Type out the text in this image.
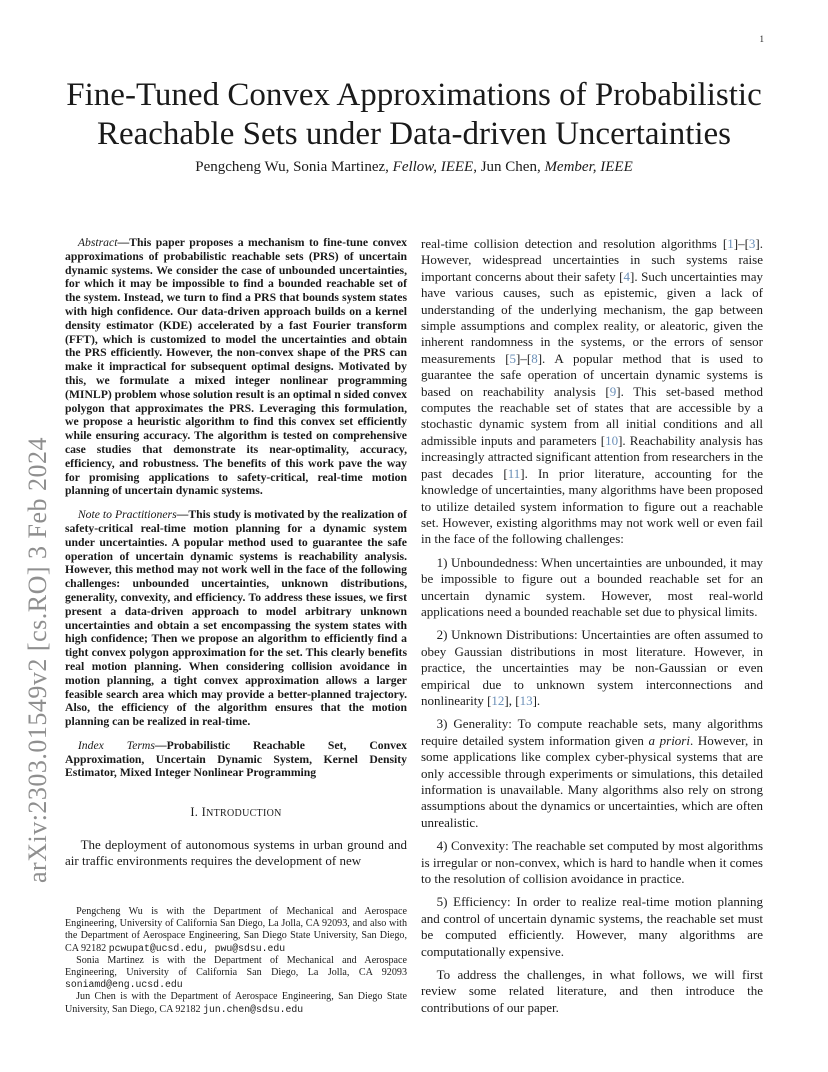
1
arXiv:2303.01549v2 [cs.RO] 3 Feb 2024
Fine-Tuned Convex Approximations of Probabilistic Reachable Sets under Data-driven Uncertainties
Pengcheng Wu, Sonia Martinez, Fellow, IEEE, Jun Chen, Member, IEEE

Abstract—This paper proposes a mechanism to fine-tune convex approximations of probabilistic reachable sets (PRS) of uncertain dynamic systems. We consider the case of unbounded uncertainties, for which it may be impossible to find a bounded reachable set of the system. Instead, we turn to find a PRS that bounds system states with high confidence. Our data-driven approach builds on a kernel density estimator (KDE) accelerated by a fast Fourier transform (FFT), which is customized to model the uncertainties and obtain the PRS efficiently. However, the non-convex shape of the PRS can make it impractical for subsequent optimal designs. Motivated by this, we formulate a mixed integer nonlinear programming (MINLP) problem whose solution result is an optimal n sided convex polygon that approximates the PRS. Leveraging this formulation, we propose a heuristic algorithm to find this convex set efficiently while ensuring accuracy. The algorithm is tested on comprehensive case studies that demonstrate its near-optimality, accuracy, efficiency, and robustness. The benefits of this work pave the way for promising applications to safety-critical, real-time motion planning of uncertain dynamic systems.

Note to Practitioners—This study is motivated by the realization of safety-critical real-time motion planning for a dynamic system under uncertainties. A popular method used to guarantee the safe operation of uncertain dynamic systems is reachability analysis. However, this method may not work well in the face of the following challenges: unbounded uncertainties, unknown distributions, generality, convexity, and efficiency. To address these issues, we first present a data-driven approach to model arbitrary unknown uncertainties and obtain a set encompassing the system states with high confidence; Then we propose an algorithm to efficiently find a tight convex polygon approximation for the set. This clearly benefits real motion planning. When considering collision avoidance in motion planning, a tight convex approximation allows a larger feasible search area which may provide a better-planned trajectory. Also, the efficiency of the algorithm ensures that the motion planning can be realized in real-time.

Index Terms—Probabilistic Reachable Set, Convex Approximation, Uncertain Dynamic System, Kernel Density Estimator, Mixed Integer Nonlinear Programming

I. INTRODUCTION

The deployment of autonomous systems in urban ground and air traffic environments requires the development of new

Pengcheng Wu is with the Department of Mechanical and Aerospace Engineering, University of California San Diego, La Jolla, CA 92093, and also with the Department of Aerospace Engineering, San Diego State University, San Diego, CA 92182 pcwupat@ucsd.edu, pwu@sdsu.edu

Sonia Martinez is with the Department of Mechanical and Aerospace Engineering, University of California San Diego, La Jolla, CA 92093 soniamd@eng.ucsd.edu

Jun Chen is with the Department of Aerospace Engineering, San Diego State University, San Diego, CA 92182 jun.chen@sdsu.edu

real-time collision detection and resolution algorithms [1]–[3]. However, widespread uncertainties in such systems raise important concerns about their safety [4]. Such uncertainties may have various causes, such as epistemic, given a lack of understanding of the underlying mechanism, the gap between simple assumptions and complex reality, or aleatoric, given the inherent randomness in the systems, or the errors of sensor measurements [5]–[8]. A popular method that is used to guarantee the safe operation of uncertain dynamic systems is based on reachability analysis [9]. This set-based method computes the reachable set of states that are accessible by a stochastic dynamic system from all initial conditions and all admissible inputs and parameters [10]. Reachability analysis has increasingly attracted significant attention from researchers in the past decades [11]. In prior literature, accounting for the knowledge of uncertainties, many algorithms have been proposed to utilize detailed system information to figure out a reachable set. However, existing algorithms may not work well or even fail in the face of the following challenges:

1) Unboundedness: When uncertainties are unbounded, it may be impossible to figure out a bounded reachable set for an uncertain dynamic system. However, most real-world applications need a bounded reachable set due to physical limits.

2) Unknown Distributions: Uncertainties are often assumed to obey Gaussian distributions in most literature. However, in practice, the uncertainties may be non-Gaussian or even empirical due to unknown system interconnections and nonlinearity [12], [13].

3) Generality: To compute reachable sets, many algorithms require detailed system information given a priori. However, in some applications like complex cyber-physical systems that are only accessible through experiments or simulations, this detailed information is unavailable. Many algorithms also rely on strong assumptions about the dynamics or uncertainties, which are often unrealistic.

4) Convexity: The reachable set computed by most algorithms is irregular or non-convex, which is hard to handle when it comes to the resolution of collision avoidance in practice.

5) Efficiency: In order to realize real-time motion planning and control of uncertain dynamic systems, the reachable set must be computed efficiently. However, many algorithms are computationally expensive.

To address the challenges, in what follows, we will first review some related literature, and then introduce the contributions of our paper.
